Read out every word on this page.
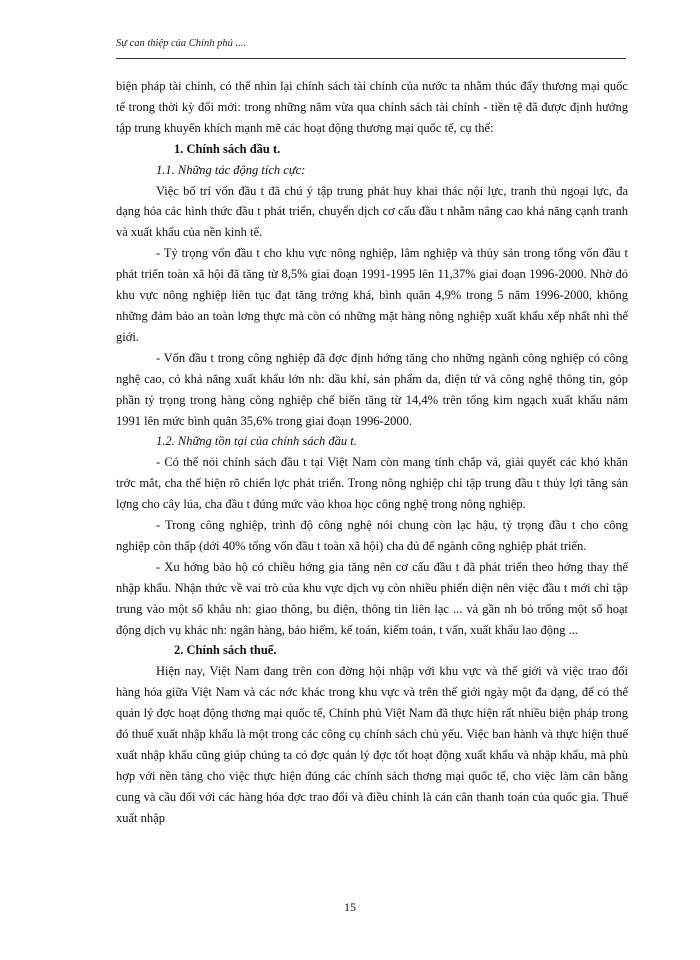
Sự can thiệp của Chính phủ ....

biện pháp tài chính, có thể nhìn lại chính sách tài chính của nước ta nhằm thúc đẩy thương mại quốc tế trong thời kỳ đổi mới: trong những năm vừa qua chính sách tài chính - tiền tệ đã được định hướng tập trung khuyến khích mạnh mẽ các hoạt động thương mại quốc tế, cụ thể:

1. Chính sách đầu t.

1.1. Những tác động tích cực:

Việc bố trí vốn đầu t đã chú ý tập trung phát huy khai thác nội lực, tranh thủ ngoại lực, đa dạng hóa các hình thức đầu t phát triển, chuyển dịch cơ cấu đầu t nhằm nâng cao khả năng cạnh tranh và xuất khẩu của nền kinh tế.

- Tỷ trọng vốn đầu t cho khu vực nông nghiệp, lâm nghiệp và thủy sản trong tổng vốn đầu t phát triển toàn xã hội đã tăng từ 8,5% giai đoạn 1991-1995 lên 11,37% giai đoạn 1996-2000. Nhờ đó khu vực nông nghiệp liên tục đạt tăng trởng khá, bình quân 4,9% trong 5 năm 1996-2000, không những đảm bảo an toàn lơng thực mà còn có những mặt hàng nông nghiệp xuất khẩu xếp nhất nhì thế giới.

- Vốn đầu t trong công nghiệp đã đợc định hớng tăng cho những ngành công nghiệp có công nghệ cao, có khả năng xuất khẩu lớn nh: dầu khí, sản phẩm da, điện tử và công nghệ thông tin, góp phần tỷ trọng trong hàng công nghiệp chế biến tăng từ 14,4% trên tổng kim ngạch xuất khẩu năm 1991 lên mức bình quân 35,6% trong giai đoạn 1996-2000.

1.2. Những tồn tại của chính sách đầu t.

- Có thể nói chính sách đầu t tại Việt Nam còn mang tính chắp vá, giải quyết các khó khăn trớc mắt, cha thể hiện rõ chiến lợc phát triển. Trong nông nghiệp chỉ tập trung đầu t thủy lợi tăng sản lợng cho cây lúa, cha đầu t đúng mức vào khoa học công nghệ trong nông nghiệp.

- Trong công nghiệp, trình độ công nghệ nói chung còn lạc hậu, tỷ trọng đầu t cho công nghiệp còn thấp (dới 40% tổng vốn đầu t toàn xã hội) cha đủ để ngành công nghiệp phát triển.

- Xu hớng bảo hộ có chiều hớng gia tăng nên cơ cấu đầu t đã phát triển theo hớng thay thế nhập khẩu. Nhận thức về vai trò của khu vực dịch vụ còn nhiều phiến diện nên việc đầu t mới chỉ tập trung vào một số khâu nh: giao thông, bu điện, thông tin liên lạc ... và gần nh bỏ trống một số hoạt động dịch vụ khác nh: ngân hàng, bảo hiểm, kế toán, kiểm toán, t vấn, xuất khẩu lao động ...

2. Chính sách thuế.

Hiện nay, Việt Nam đang trên con đờng hội nhập với khu vực và thế giới và việc trao đổi hàng hóa giữa Việt Nam và các nớc khác trong khu vực và trên thế giới ngày một đa dạng, để có thể quản lý đợc hoạt động thơng mại quốc tế, Chính phủ Việt Nam đã thực hiện rất nhiều biện pháp trong đó thuế xuất nhập khẩu là một trong các công cụ chính sách chủ yếu. Việc ban hành và thực hiện thuế xuất nhập khẩu cũng giúp chúng ta có đợc quản lý đợc tốt hoạt động xuất khẩu và nhập khẩu, mà phù hợp với nền tảng cho việc thực hiện đúng các chính sách thơng mại quốc tế, cho việc làm cân bằng cung và cầu đối với các hàng hóa đợc trao đổi và điều chỉnh là cán cân thanh toán của quốc gia. Thuế xuất nhập

15
